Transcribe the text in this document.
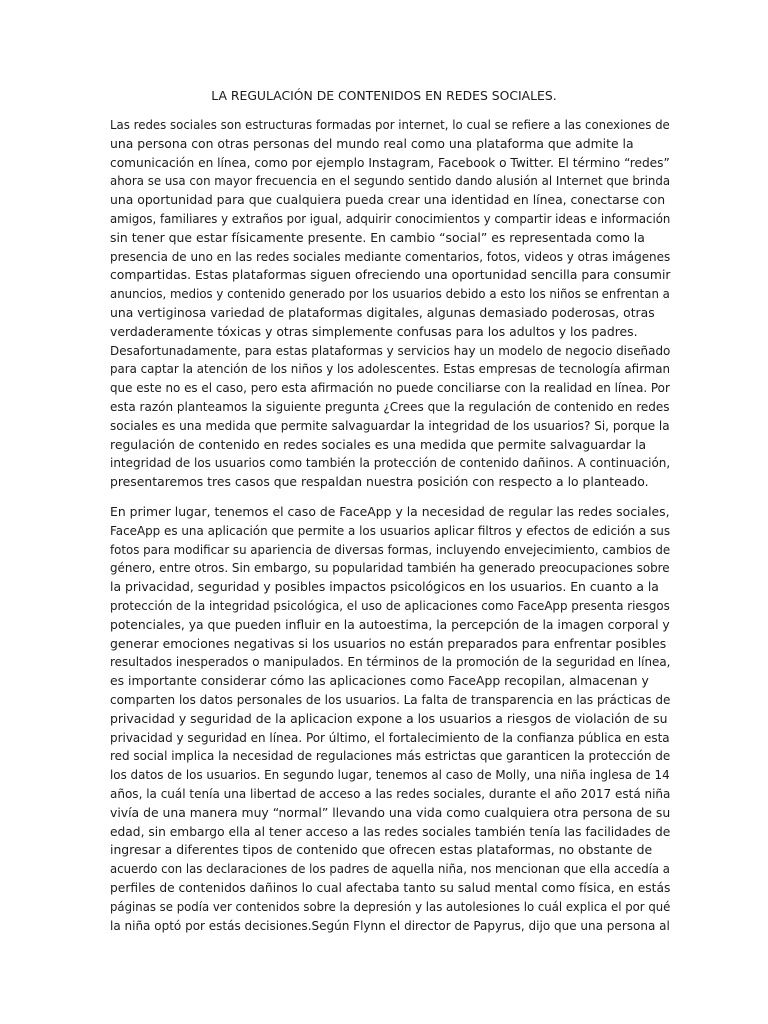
LA REGULACIÓN DE CONTENIDOS EN REDES SOCIALES.
Las redes sociales son estructuras formadas por internet, lo cual se refiere a las conexiones de
una persona con otras personas del mundo real como una plataforma que admite la
comunicación en línea, como por ejemplo Instagram, Facebook o Twitter. El término “redes”
ahora se usa con mayor frecuencia en el segundo sentido dando alusión al Internet que brinda
una oportunidad para que cualquiera pueda crear una identidad en línea, conectarse con
amigos, familiares y extraños por igual, adquirir conocimientos y compartir ideas e información
sin tener que estar físicamente presente. En cambio “social” es representada como la
presencia de uno en las redes sociales mediante comentarios, fotos, videos y otras imágenes
compartidas. Estas plataformas siguen ofreciendo una oportunidad sencilla para consumir
anuncios, medios y contenido generado por los usuarios debido a esto los niños se enfrentan a
una vertiginosa variedad de plataformas digitales, algunas demasiado poderosas, otras
verdaderamente tóxicas y otras simplemente confusas para los adultos y los padres.
Desafortunadamente, para estas plataformas y servicios hay un modelo de negocio diseñado
para captar la atención de los niños y los adolescentes. Estas empresas de tecnología afirman
que este no es el caso, pero esta afirmación no puede conciliarse con la realidad en línea. Por
esta razón planteamos la siguiente pregunta ¿Crees que la regulación de contenido en redes
sociales es una medida que permite salvaguardar la integridad de los usuarios? Si, porque la
regulación de contenido en redes sociales es una medida que permite salvaguardar la
integridad de los usuarios como también la protección de contenido dañinos. A continuación,
presentaremos tres casos que respaldan nuestra posición con respecto a lo planteado.
En primer lugar, tenemos el caso de FaceApp y la necesidad de regular las redes sociales,
FaceApp es una aplicación que permite a los usuarios aplicar filtros y efectos de edición a sus
fotos para modificar su apariencia de diversas formas, incluyendo envejecimiento, cambios de
género, entre otros. Sin embargo, su popularidad también ha generado preocupaciones sobre
la privacidad, seguridad y posibles impactos psicológicos en los usuarios. En cuanto a la
protección de la integridad psicológica, el uso de aplicaciones como FaceApp presenta riesgos
potenciales, ya que pueden influir en la autoestima, la percepción de la imagen corporal y
generar emociones negativas si los usuarios no están preparados para enfrentar posibles
resultados inesperados o manipulados. En términos de la promoción de la seguridad en línea,
es importante considerar cómo las aplicaciones como FaceApp recopilan, almacenan y
comparten los datos personales de los usuarios. La falta de transparencia en las prácticas de
privacidad y seguridad de la aplicacion expone a los usuarios a riesgos de violación de su
privacidad y seguridad en línea. Por último, el fortalecimiento de la confianza pública en esta
red social implica la necesidad de regulaciones más estrictas que garanticen la protección de
los datos de los usuarios. En segundo lugar, tenemos al caso de Molly, una niña inglesa de 14
años, la cuál tenía una libertad de acceso a las redes sociales, durante el año 2017 está niña
vivía de una manera muy “normal” llevando una vida como cualquiera otra persona de su
edad, sin embargo ella al tener acceso a las redes sociales también tenía las facilidades de
ingresar a diferentes tipos de contenido que ofrecen estas plataformas, no obstante de
acuerdo con las declaraciones de los padres de aquella niña, nos mencionan que ella accedía a
perfiles de contenidos dañinos lo cual afectaba tanto su salud mental como física, en estás
páginas se podía ver contenidos sobre la depresión y las autolesiones lo cuál explica el por qué
la niña optó por estás decisiones.Según Flynn el director de Papyrus, dijo que una persona al
